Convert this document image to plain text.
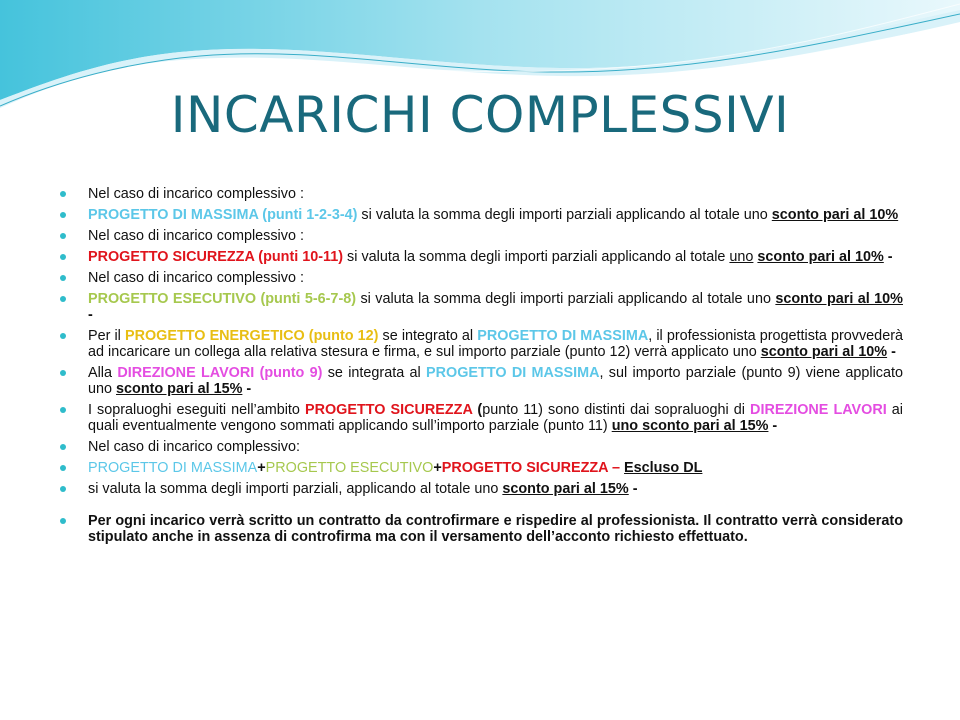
INCARICHI COMPLESSIVI
Nel caso di incarico complessivo :
PROGETTO DI MASSIMA (punti 1-2-3-4) si valuta la somma degli importi parziali applicando al totale uno sconto pari al 10%
Nel caso di incarico complessivo :
PROGETTO SICUREZZA (punti 10-11) si valuta la somma degli importi parziali applicando al totale uno sconto pari al 10% -
Nel caso di incarico complessivo :
PROGETTO ESECUTIVO (punti 5-6-7-8) si valuta la somma degli importi parziali applicando al totale uno sconto pari al 10% -
Per il PROGETTO ENERGETICO (punto 12) se integrato al PROGETTO DI MASSIMA, il professionista progettista provvederà ad incaricare un collega alla relativa stesura e firma, e sul importo parziale (punto 12) verrà applicato uno sconto pari al 10% -
Alla DIREZIONE LAVORI (punto 9) se integrata al PROGETTO DI MASSIMA, sul importo parziale (punto 9) viene applicato uno sconto pari al 15% -
I sopraluoghi eseguiti nell’ambito PROGETTO SICUREZZA (punto 11) sono distinti dai sopraluoghi di DIREZIONE LAVORI ai quali eventualmente vengono sommati applicando sull’importo parziale (punto 11) uno sconto pari al 15% -
Nel caso di incarico complessivo:
PROGETTO DI MASSIMA+PROGETTO ESECUTIVO+PROGETTO SICUREZZA – Escluso DL
si valuta la somma degli importi parziali, applicando al totale uno sconto pari al 15% -
Per ogni incarico verrà scritto un contratto da controfirmare e rispedire al professionista. Il contratto verrà considerato stipulato anche in assenza di controfirma ma con il versamento dell’acconto richiesto effettuato.
